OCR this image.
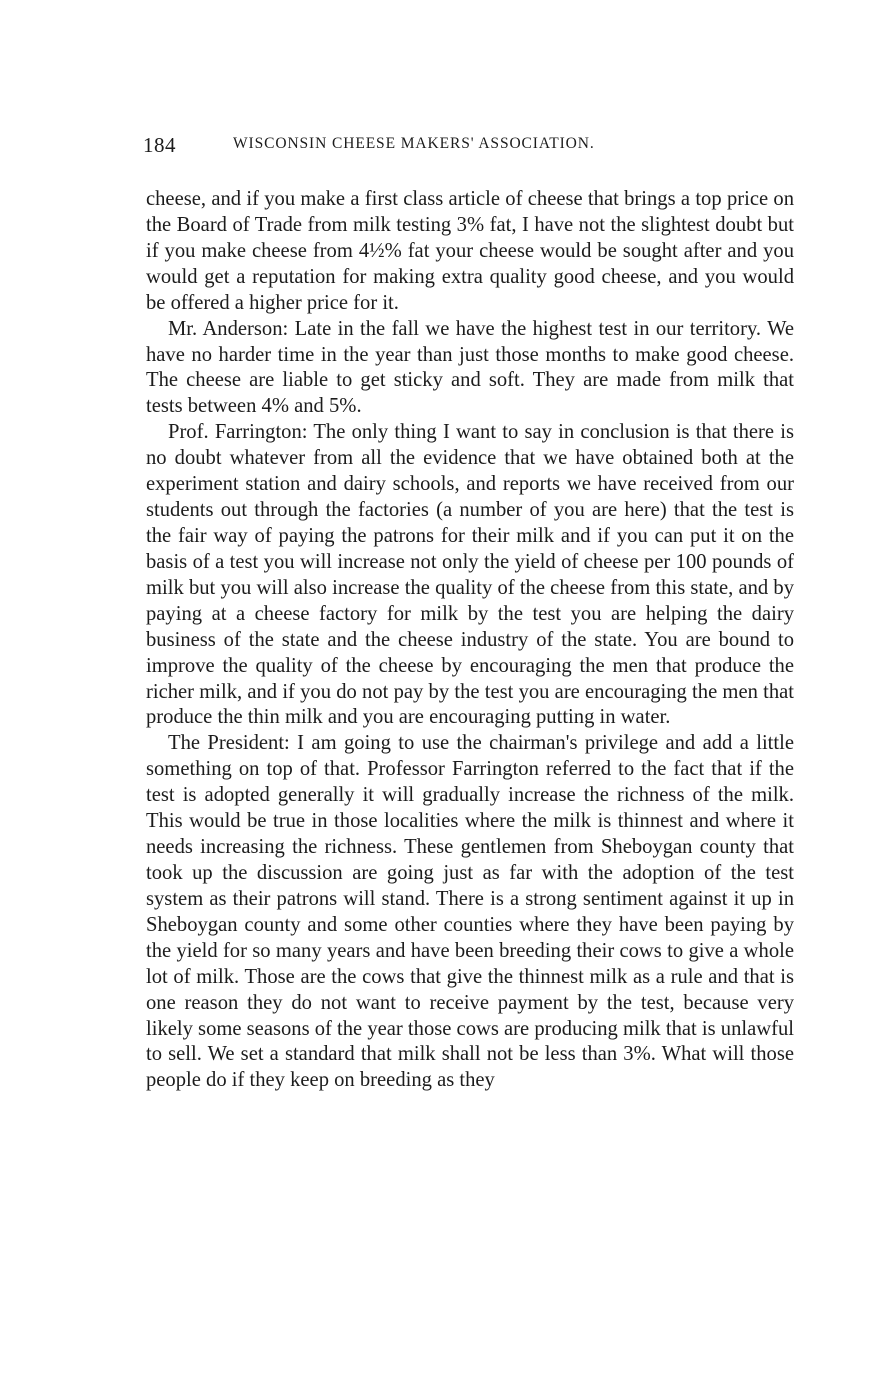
184	WISCONSIN CHEESE MAKERS' ASSOCIATION.

cheese, and if you make a first class article of cheese that brings a top price on the Board of Trade from milk testing 3% fat, I have not the slightest doubt but if you make cheese from 4½% fat your cheese would be sought after and you would get a reputation for making extra quality good cheese, and you would be offered a higher price for it.

Mr. Anderson: Late in the fall we have the highest test in our territory. We have no harder time in the year than just those months to make good cheese. The cheese are liable to get sticky and soft. They are made from milk that tests between 4% and 5%.

Prof. Farrington: The only thing I want to say in conclusion is that there is no doubt whatever from all the evidence that we have obtained both at the experiment station and dairy schools, and reports we have received from our students out through the factories (a number of you are here) that the test is the fair way of paying the patrons for their milk and if you can put it on the basis of a test you will increase not only the yield of cheese per 100 pounds of milk but you will also increase the quality of the cheese from this state, and by paying at a cheese factory for milk by the test you are helping the dairy business of the state and the cheese industry of the state. You are bound to improve the quality of the cheese by encouraging the men that produce the richer milk, and if you do not pay by the test you are encouraging the men that produce the thin milk and you are encouraging putting in water.

The President: I am going to use the chairman's privilege and add a little something on top of that. Professor Farrington referred to the fact that if the test is adopted generally it will gradually increase the richness of the milk. This would be true in those localities where the milk is thinnest and where it needs increasing the richness. These gentlemen from Sheboygan county that took up the discussion are going just as far with the adoption of the test system as their patrons will stand. There is a strong sentiment against it up in Sheboygan county and some other counties where they have been paying by the yield for so many years and have been breeding their cows to give a whole lot of milk. Those are the cows that give the thinnest milk as a rule and that is one reason they do not want to receive payment by the test, because very likely some seasons of the year those cows are producing milk that is unlawful to sell. We set a standard that milk shall not be less than 3%. What will those people do if they keep on breeding as they
